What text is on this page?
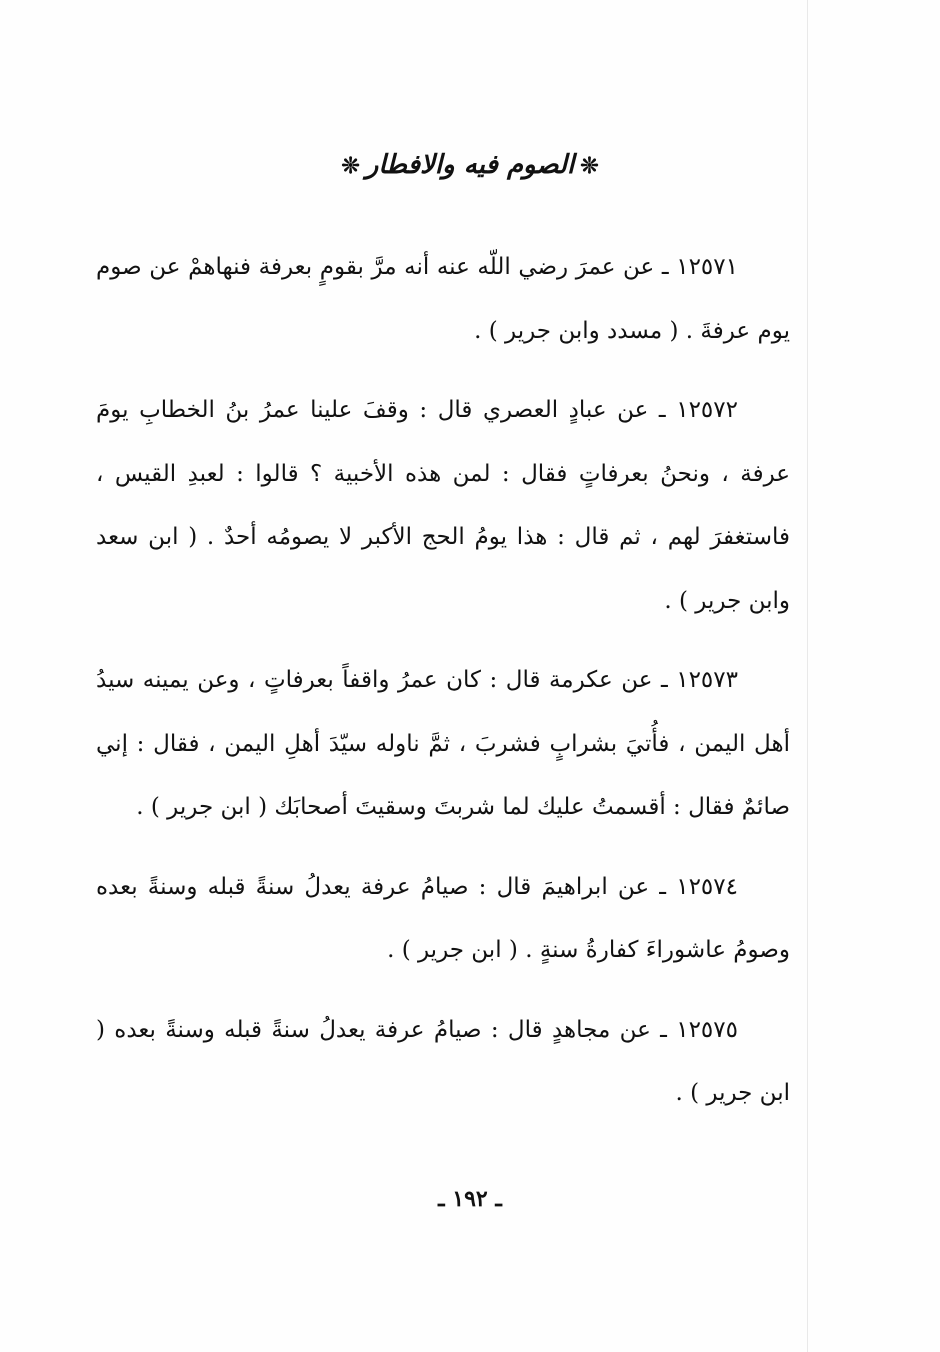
❊الصوم فيه والافطار❊

١٢٥٧١ ـ عن عمرَ رضي اللّه عنه أنه مرَّ بقومٍ بعرفة فنهاهمْ عن صوم يوم عرفةَ . ( مسدد وابن جرير ) .

١٢٥٧٢ ـ عن عبادٍ العصري قال : وقفَ علينا عمرُ بنُ الخطابِ يومَ عرفة ، ونحنُ بعرفاتٍ فقال : لمن هذه الأخبية ؟ قالوا : لعبدِ القيس ، فاستغفرَ لهم ، ثم قال : هذا يومُ الحج الأكبر لا يصومُه أحدٌ . ( ابن سعد وابن جرير ) .

١٢٥٧٣ ـ عن عكرمة قال : كان عمرُ واقفاً بعرفاتٍ ، وعن يمينه سيدُ أهل اليمن ، فأُتيَ بشرابٍ فشربَ ، ثمَّ ناوله سيّدَ أهلِ اليمن ، فقال : إني صائمٌ فقال : أقسمتُ عليك لما شربتَ وسقيتَ أصحابَك ( ابن جرير ) .

١٢٥٧٤ ـ عن ابراهيمَ قال : صيامُ عرفة يعدلُ سنةً قبله وسنةً بعده وصومُ عاشوراءَ كفارةُ سنةٍ . ( ابن جرير ) .

١٢٥٧٥ ـ عن مجاهدٍ قال : صيامُ عرفة يعدلُ سنةً قبله وسنةً بعده ( ابن جرير ) .

ـ ١٩٢ ـ
